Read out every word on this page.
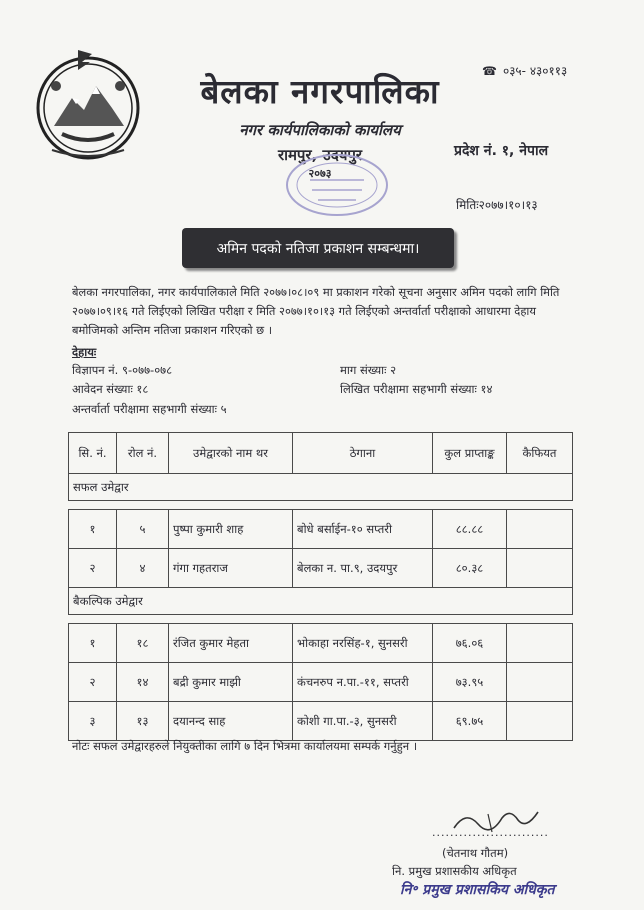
☎ ०३५- ४३०११३
बेलका नगरपालिका
नगर कार्यपालिकाको कार्यालय
रामपुर, उदयपुर
२०७३
प्रदेश नं. १, नेपाल
मितिः२०७७।१०।१३
अमिन पदको नतिजा प्रकाशन सम्बन्धमा।
बेलका नगरपालिका, नगर कार्यपालिकाले मिति २०७७।०८।०९ मा प्रकाशन गरेको सूचना अनुसार अमिन पदको लागि मिति २०७७।०९।१६ गते लिईएको लिखित परीक्षा र मिति २०७७।१०।१३ गते लिईएको अन्तर्वार्ता परीक्षाको आधारमा देहाय बमोजिमको अन्तिम नतिजा प्रकाशन गरिएको छ ।
देहायः
विज्ञापन नं. ९-०७७-०७८	माग संख्याः २
आवेदन संख्याः १८	लिखित परीक्षामा सहभागी संख्याः १४
अन्तर्वार्ता परीक्षामा सहभागी संख्याः ५
सि. नं.	रोल नं.	उमेद्वारको नाम थर	ठेगाना	कुल प्राप्ताङ्क	कैफियत
सफल उमेद्वार					

१	५	पुष्पा कुमारी शाह	बोधे बर्साईन-१० सप्तरी	८८.८८	
२	४	गंगा गहतराज	बेलका न. पा.९, उदयपुर	८०.३८	
बैकल्पिक उमेद्वार					

१	१८	रंजित कुमार मेहता	भोकाहा नरसिंह-१, सुनसरी	७६.०६	
२	१४	बद्री कुमार माझी	कंचनरुप न.पा.-११, सप्तरी	७३.९५	
३	१३	दयानन्द साह	कोशी गा.पा.-३, सुनसरी	६९.७५	
नोटः सफल उमेद्वारहरुले नियुक्तीका लागि ७ दिन भित्रमा कार्यालयमा सम्पर्क गर्नुहुन ।
..........................
(चेतनाथ गौतम)
नि. प्रमुख प्रशासकीय अधिकृत
नि॰ प्रमुख प्रशासकिय अधिकृत
